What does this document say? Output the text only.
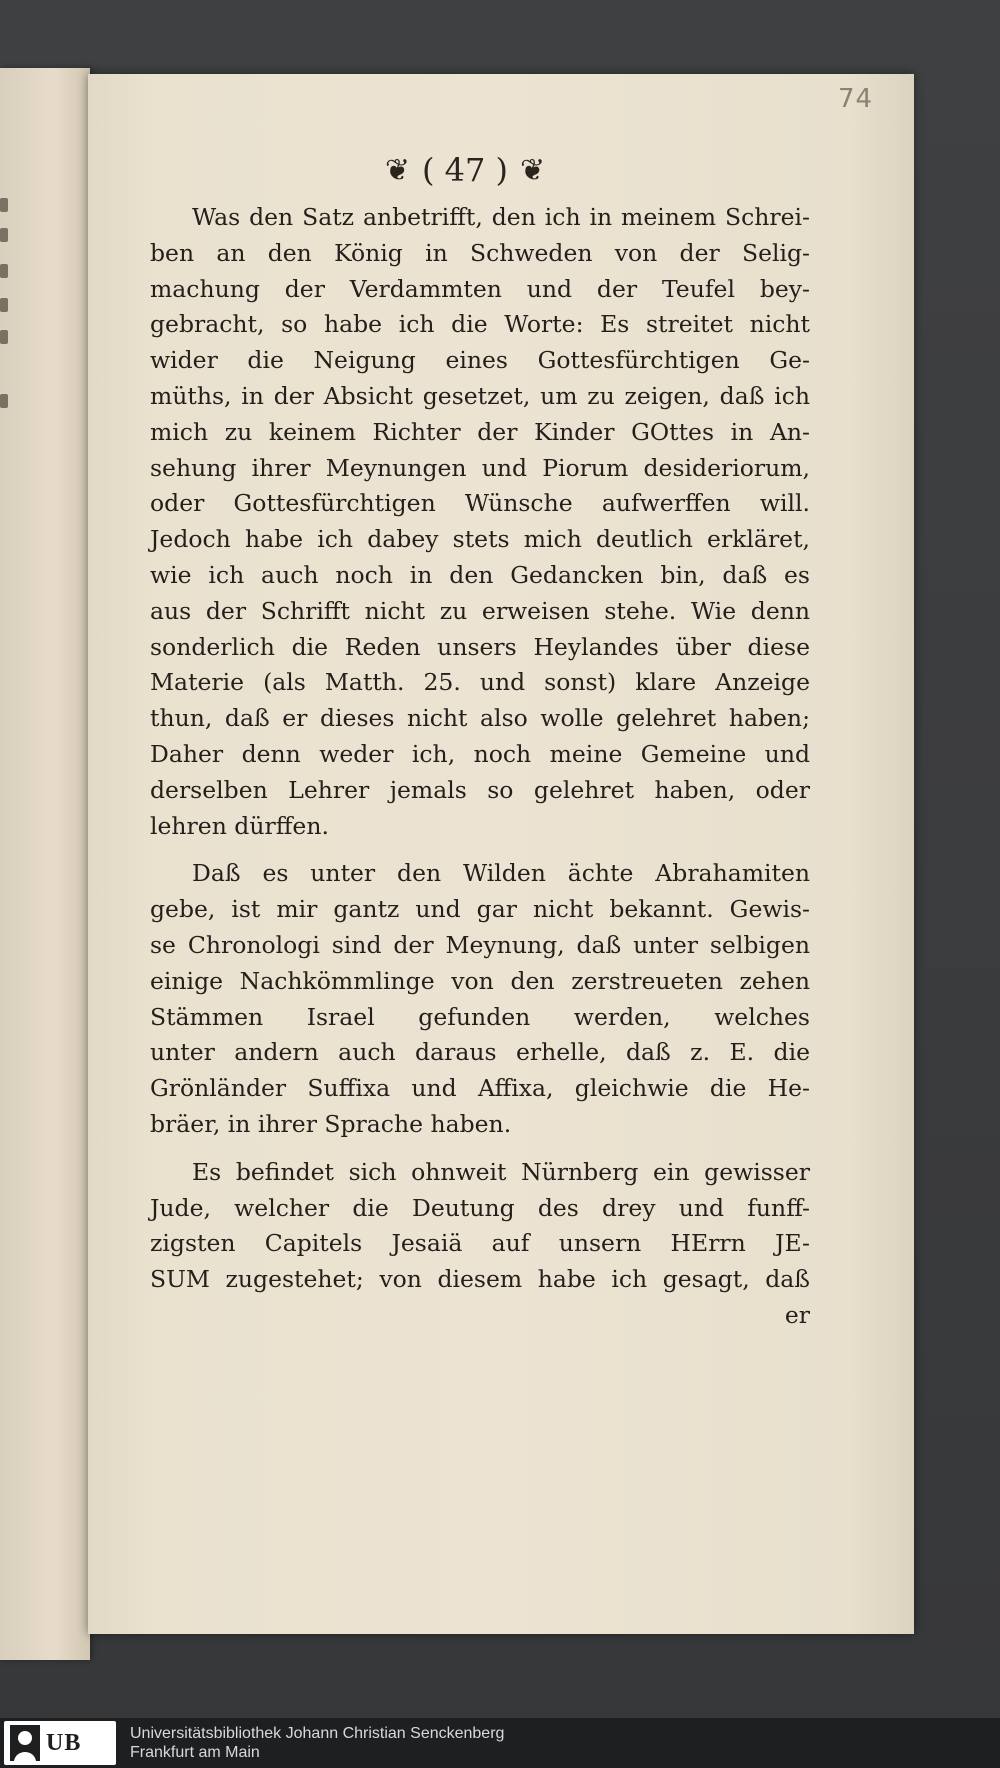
74
❦ ( 47 ) ❦
Was den Satz anbetrifft, den ich in meinem Schrei-
ben an den König in Schweden von der Selig-
machung der Verdammten und der Teufel bey-
gebracht, so habe ich die Worte: Es streitet nicht
wider die Neigung eines Gottesfürchtigen Ge-
müths, in der Absicht gesetzet, um zu zeigen, daß ich
mich zu keinem Richter der Kinder GOttes in An-
sehung ihrer Meynungen und Piorum desideriorum,
oder Gottesfürchtigen Wünsche aufwerffen will.
Jedoch habe ich dabey stets mich deutlich erkläret,
wie ich auch noch in den Gedancken bin, daß es
aus der Schrifft nicht zu erweisen stehe. Wie denn
sonderlich die Reden unsers Heylandes über diese
Materie (als Matth. 25. und sonst) klare Anzeige
thun, daß er dieses nicht also wolle gelehret haben;
Daher denn weder ich, noch meine Gemeine und
derselben Lehrer jemals so gelehret haben, oder
lehren dürffen.
Daß es unter den Wilden ächte Abrahamiten
gebe, ist mir gantz und gar nicht bekannt. Gewis-
se Chronologi sind der Meynung, daß unter selbigen
einige Nachkömmlinge von den zerstreueten zehen
Stämmen Israel gefunden werden, welches
unter andern auch daraus erhelle, daß z. E. die
Grönländer Suffixa und Affixa, gleichwie die He-
bräer, in ihrer Sprache haben.
Es befindet sich ohnweit Nürnberg ein gewisser
Jude, welcher die Deutung des drey und funff-
zigsten Capitels Jesaiä auf unsern HErrn JE-
SUM zugestehet; von diesem habe ich gesagt, daß
er
UB	Universitätsbibliothek Johann Christian Senckenberg
Frankfurt am Main
